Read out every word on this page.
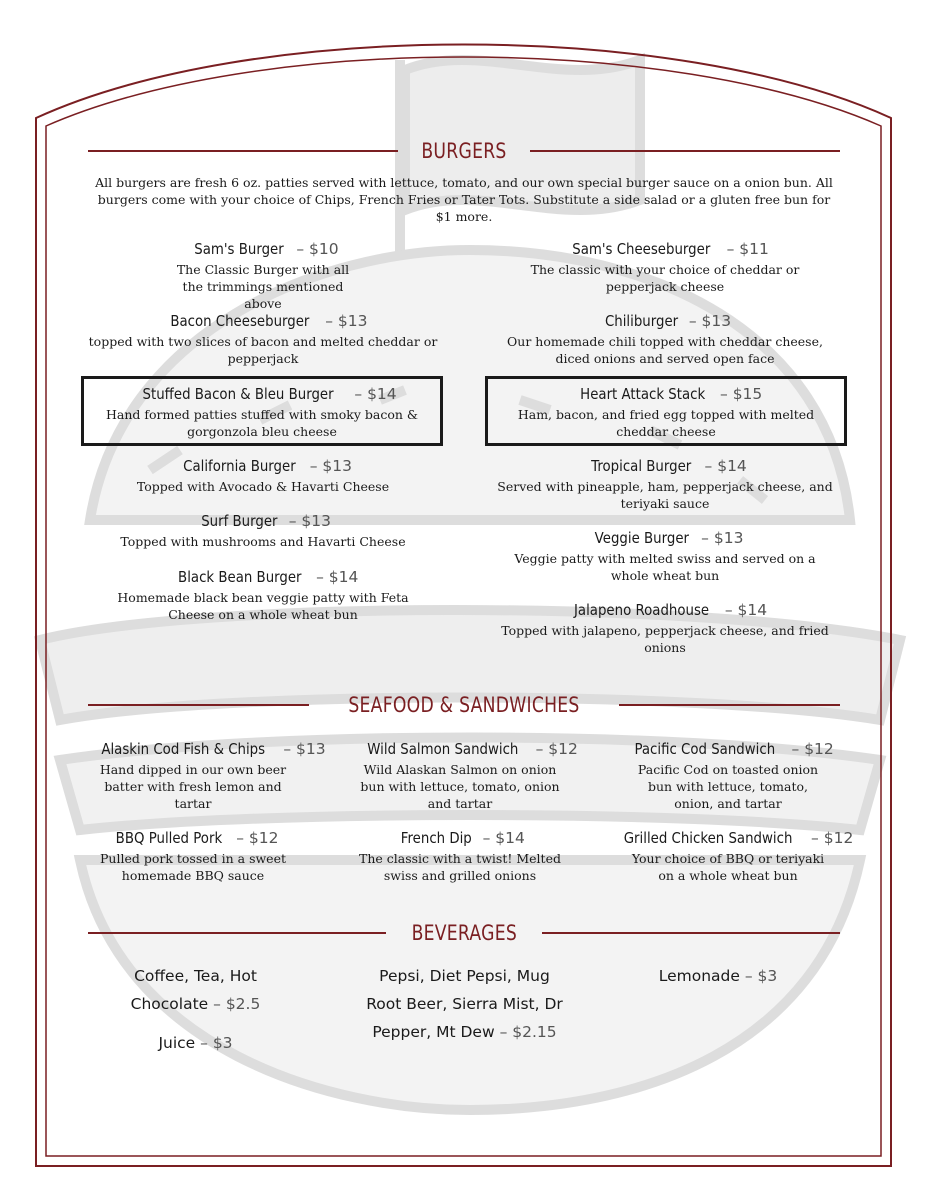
BURGERS
All burgers are fresh 6 oz. patties served with lettuce, tomato, and our own special burger sauce on a onion bun. All burgers come with your choice of Chips, French Fries or Tater Tots. Substitute a side salad or a gluten free bun for $1 more.
Sam's Burger – $10
The Classic Burger with all the trimmings mentioned above
Bacon Cheeseburger – $13
topped with two slices of bacon and melted cheddar or pepperjack
Stuffed Bacon & Bleu Burger – $14
Hand formed patties stuffed with smoky bacon & gorgonzola bleu cheese
California Burger – $13
Topped with Avocado & Havarti Cheese
Surf Burger – $13
Topped with mushrooms and Havarti Cheese
Black Bean Burger – $14
Homemade black bean veggie patty with Feta Cheese on a whole wheat bun
Sam's Cheeseburger – $11
The classic with your choice of cheddar or pepperjack cheese
Chiliburger – $13
Our homemade chili topped with cheddar cheese, diced onions and served open face
Heart Attack Stack – $15
Ham, bacon, and fried egg topped with melted cheddar cheese
Tropical Burger – $14
Served with pineapple, ham, pepperjack cheese, and teriyaki sauce
Veggie Burger – $13
Veggie patty with melted swiss and served on a whole wheat bun
Jalapeno Roadhouse – $14
Topped with jalapeno, pepperjack cheese, and fried onions
SEAFOOD & SANDWICHES
Alaskin Cod Fish & Chips – $13
Hand dipped in our own beer batter with fresh lemon and tartar
Wild Salmon Sandwich – $12
Wild Alaskan Salmon on onion bun with lettuce, tomato, onion and tartar
Pacific Cod Sandwich – $12
Pacific Cod on toasted onion bun with lettuce, tomato, onion, and tartar
BBQ Pulled Pork – $12
Pulled pork tossed in a sweet homemade BBQ sauce
French Dip – $14
The classic with a twist! Melted swiss and grilled onions
Grilled Chicken Sandwich – $12
Your choice of BBQ or teriyaki on a whole wheat bun
BEVERAGES
Coffee, Tea, Hot Chocolate – $2.5
Juice – $3
Pepsi, Diet Pepsi, Mug Root Beer, Sierra Mist, Dr Pepper, Mt Dew – $2.15
Lemonade – $3
